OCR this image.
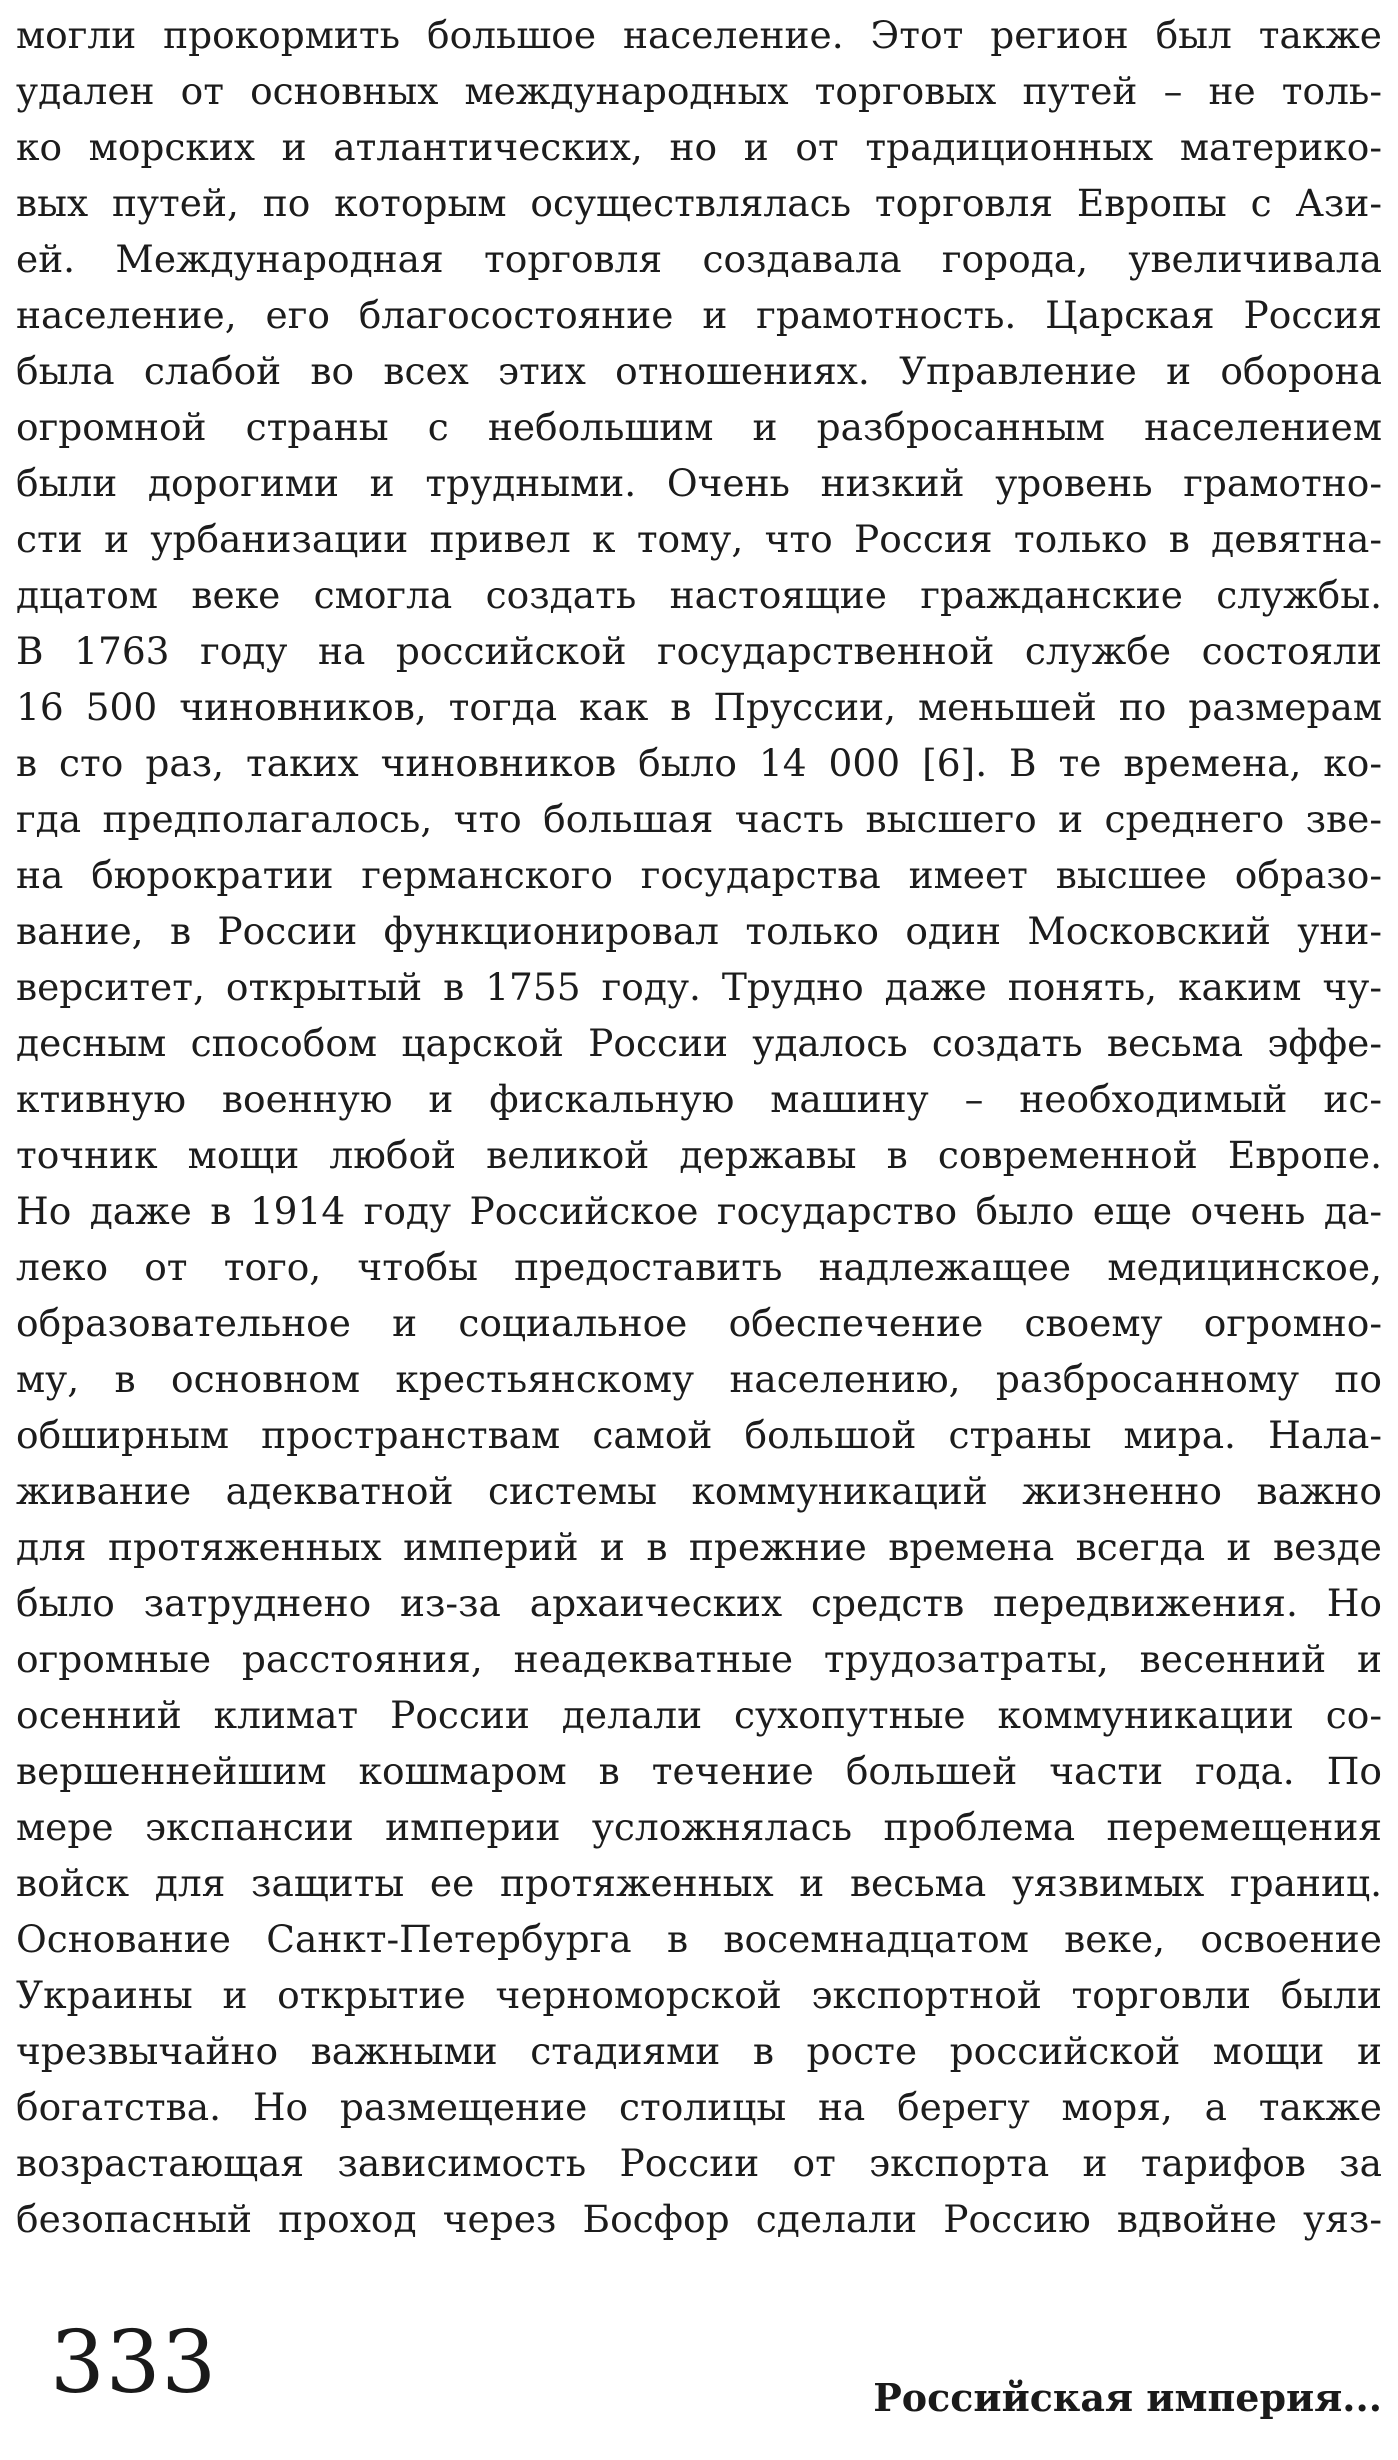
могли прокормить большое население. Этот регион был также
удален от основных международных торговых путей – не толь-
ко морских и атлантических, но и от традиционных материко-
вых путей, по которым осуществлялась торговля Европы с Ази-
ей. Международная торговля создавала города, увеличивала
население, его благосостояние и грамотность. Царская Россия
была слабой во всех этих отношениях. Управление и оборона
огромной страны с небольшим и разбросанным населением
были дорогими и трудными. Очень низкий уровень грамотно-
сти и урбанизации привел к тому, что Россия только в девятна-
дцатом веке смогла создать настоящие гражданские службы.
В 1763 году на российской государственной службе состояли
16 500 чиновников, тогда как в Пруссии, меньшей по размерам
в сто раз, таких чиновников было 14 000 [6]. В те времена, ко-
гда предполагалось, что большая часть высшего и среднего зве-
на бюрократии германского государства имеет высшее образо-
вание, в России функционировал только один Московский уни-
верситет, открытый в 1755 году. Трудно даже понять, каким чу-
десным способом царской России удалось создать весьма эффе-
ктивную военную и фискальную машину – необходимый ис-
точник мощи любой великой державы в современной Европе.
Но даже в 1914 году Российское государство было еще очень да-
леко от того, чтобы предоставить надлежащее медицинское,
образовательное и социальное обеспечение своему огромно-
му, в основном крестьянскому населению, разбросанному по
обширным пространствам самой большой страны мира. Нала-
живание адекватной системы коммуникаций жизненно важно
для протяженных империй и в прежние времена всегда и везде
было затруднено из-за архаических средств передвижения. Но
огромные расстояния, неадекватные трудозатраты, весенний и
осенний климат России делали сухопутные коммуникации со-
вершеннейшим кошмаром в течение большей части года. По
мере экспансии империи усложнялась проблема перемещения
войск для защиты ее протяженных и весьма уязвимых границ.
Основание Санкт-Петербурга в восемнадцатом веке, освоение
Украины и открытие черноморской экспортной торговли были
чрезвычайно важными стадиями в росте российской мощи и
богатства. Но размещение столицы на берегу моря, а также
возрастающая зависимость России от экспорта и тарифов за
безопасный проход через Босфор сделали Россию вдвойне уяз-
333	Российская империя...
